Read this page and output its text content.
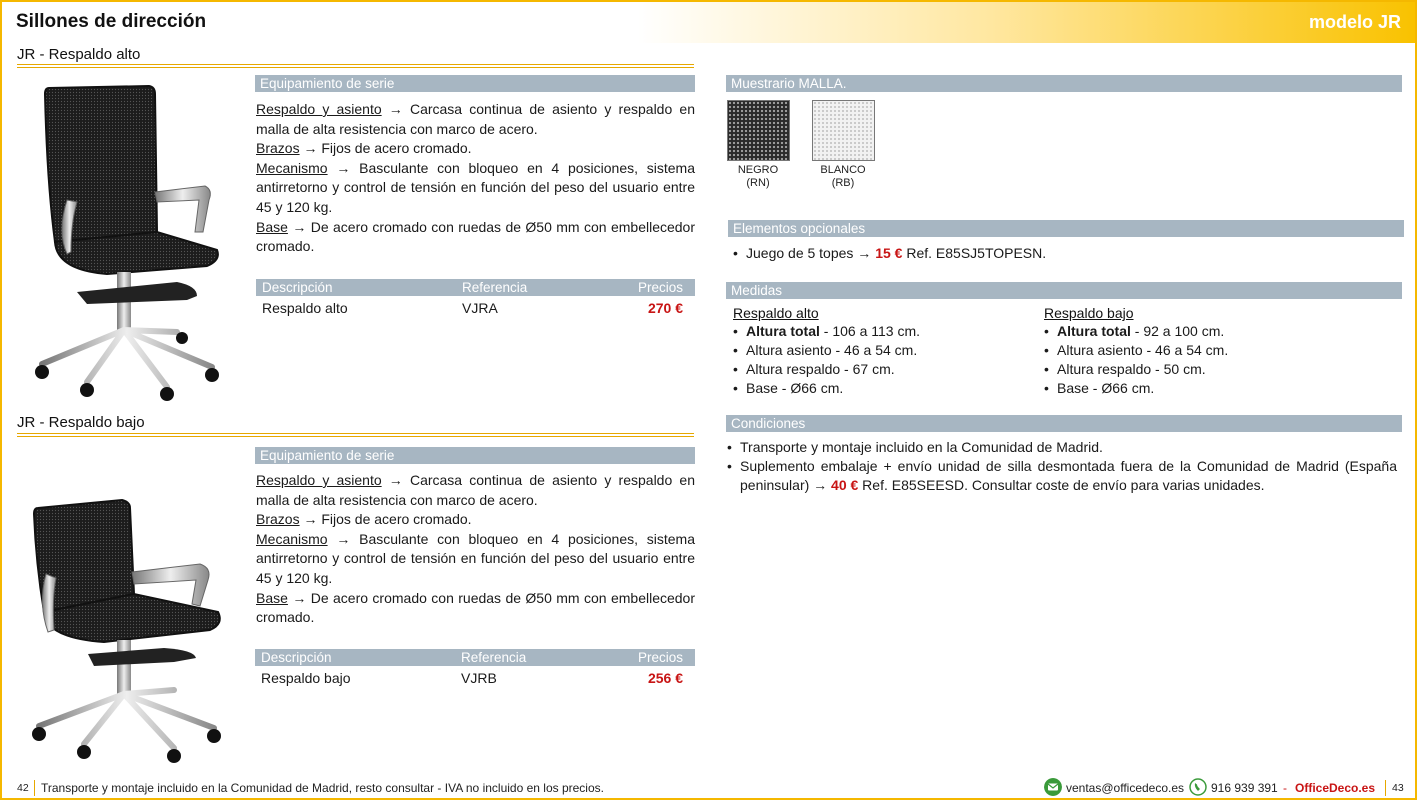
Sillones de dirección	modelo JR
JR - Respaldo alto
Equipamiento de serie

Respaldo y asiento → Carcasa continua de asiento y respaldo en malla de alta resistencia con marco de acero.

Brazos → Fijos de acero cromado.

Mecanismo → Basculante con bloqueo en 4 posiciones, sistema antirretorno y control de tensión en función del peso del usuario entre 45 y 120 kg.

Base → De acero cromado con ruedas de Ø50 mm con embellecedor cromado.

Descripción	Referencia	Precios
Respaldo alto	VJRA	270 €
JR - Respaldo bajo
Equipamiento de serie

Respaldo y asiento → Carcasa continua de asiento y respaldo en malla de alta resistencia con marco de acero.

Brazos → Fijos de acero cromado.

Mecanismo → Basculante con bloqueo en 4 posiciones, sistema antirretorno y control de tensión en función del peso del usuario entre 45 y 120 kg.

Base → De acero cromado con ruedas de Ø50 mm con embellecedor cromado.

Descripción	Referencia	Precios
Respaldo bajo	VJRB	256 €
Muestrario MALLA.
NEGRO
(RN)
BLANCO
(RB)
Elementos opcionales
• Juego de 5 topes → 15 € Ref. E85SJ5TOPESN.
Medidas
Respaldo alto
• Altura total - 106 a 113 cm.
• Altura asiento - 46 a 54 cm.
• Altura respaldo - 67 cm.
• Base - Ø66 cm.
Respaldo bajo
• Altura total - 92 a 100 cm.
• Altura asiento - 46 a 54 cm.
• Altura respaldo - 50 cm.
• Base - Ø66 cm.
Condiciones
• Transporte y montaje incluido en la Comunidad de Madrid.
• Suplemento embalaje + envío unidad de silla desmontada fuera de la Comunidad de Madrid (España peninsular) → 40 € Ref. E85SEESD. Consultar coste de envío para varias unidades.
42 Transporte y montaje incluido en la Comunidad de Madrid, resto consultar - IVA no incluido en los precios.	ventas@officedeco.es 916 939 391 - OfficeDeco.es 43
